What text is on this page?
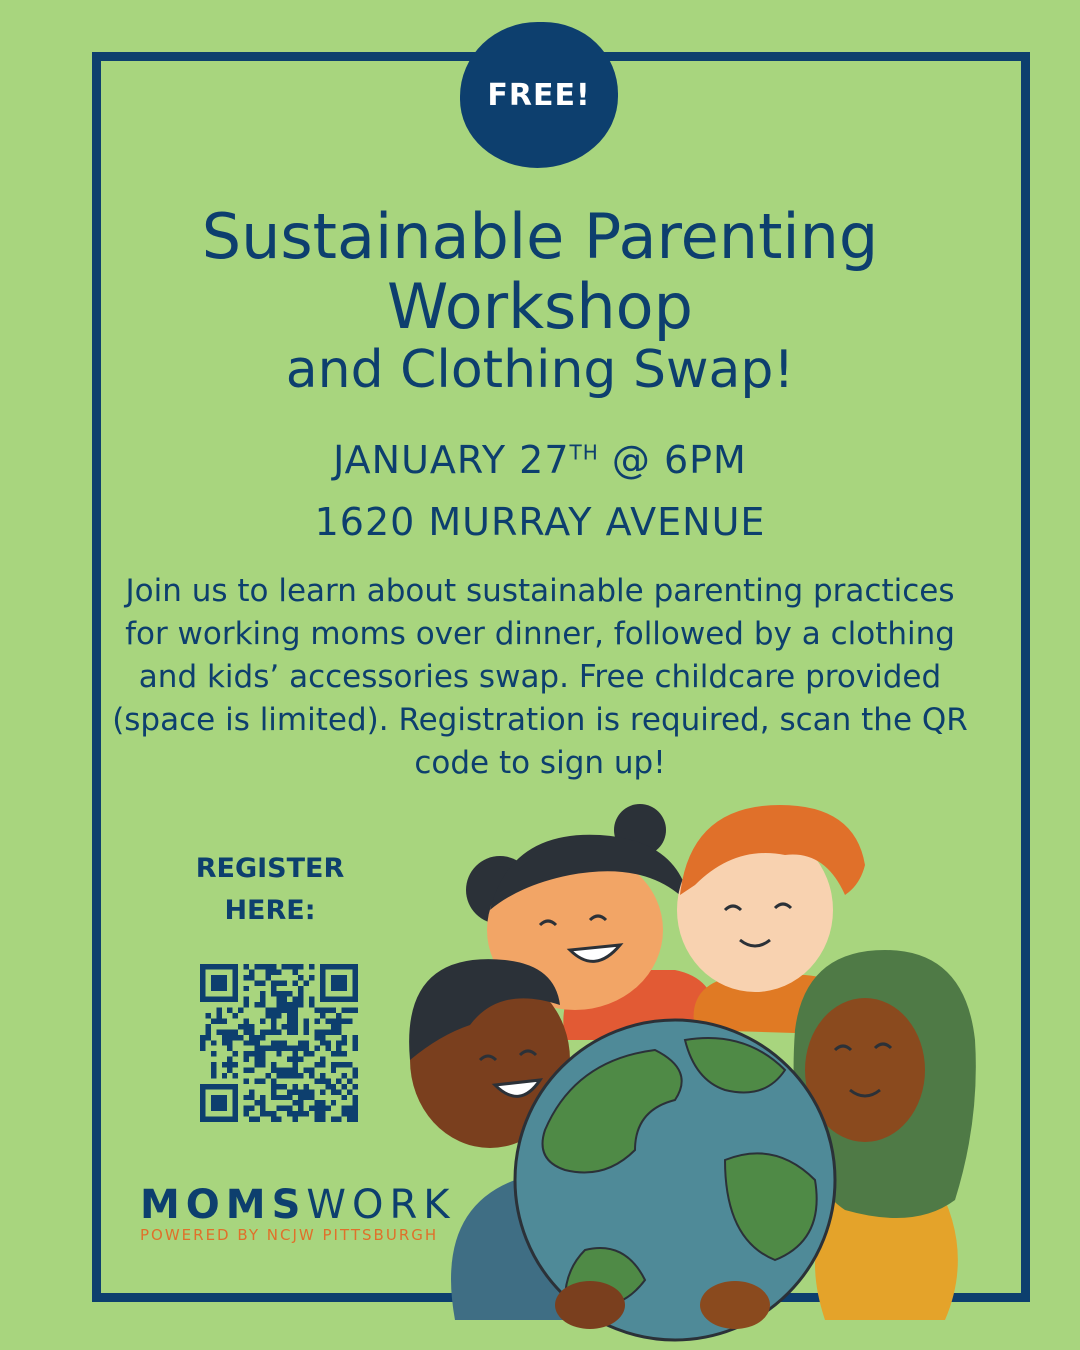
FREE!
Sustainable Parenting
Workshop
and Clothing Swap!
JANUARY 27TH @ 6PM
1620 MURRAY AVENUE
Join us to learn about sustainable parenting practices for working moms over dinner, followed by a clothing and kids’ accessories swap. Free childcare provided (space is limited). Registration is required, scan the QR code to sign up!
REGISTER
HERE:
MOMSWORK
POWERED BY NCJW PITTSBURGH
